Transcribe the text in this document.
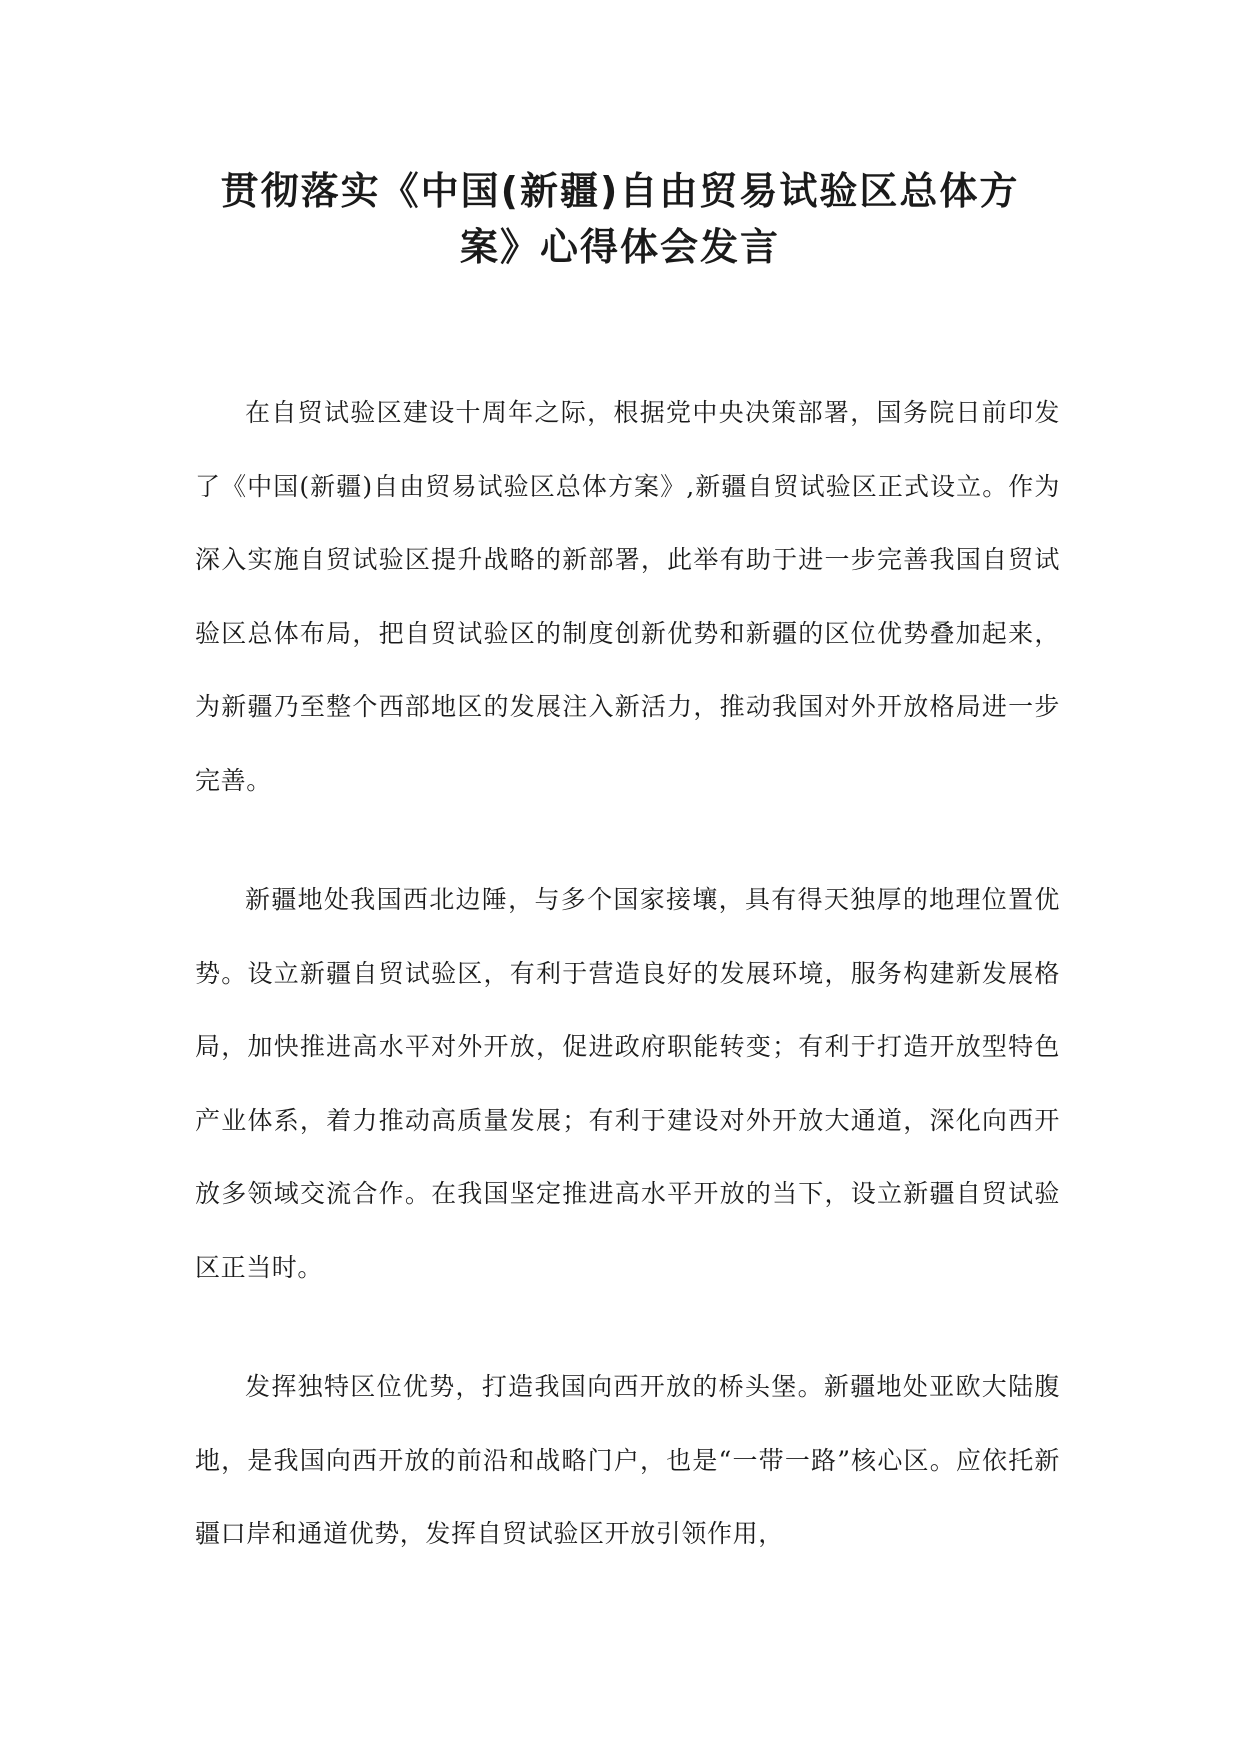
贯彻落实《中国(新疆)自由贸易试验区总体方
案》心得体会发言

在自贸试验区建设十周年之际，根据党中央决策部署，国务院日前印发了《中国(新疆)自由贸易试验区总体方案》,新疆自贸试验区正式设立。作为深入实施自贸试验区提升战略的新部署，此举有助于进一步完善我国自贸试验区总体布局，把自贸试验区的制度创新优势和新疆的区位优势叠加起来，为新疆乃至整个西部地区的发展注入新活力，推动我国对外开放格局进一步完善。

新疆地处我国西北边陲，与多个国家接壤，具有得天独厚的地理位置优势。设立新疆自贸试验区，有利于营造良好的发展环境，服务构建新发展格局，加快推进高水平对外开放，促进政府职能转变；有利于打造开放型特色产业体系，着力推动高质量发展；有利于建设对外开放大通道，深化向西开放多领域交流合作。在我国坚定推进高水平开放的当下，设立新疆自贸试验区正当时。

发挥独特区位优势，打造我国向西开放的桥头堡。新疆地处亚欧大陆腹地，是我国向西开放的前沿和战略门户，也是“一带一路”核心区。应依托新疆口岸和通道优势，发挥自贸试验区开放引领作用，
